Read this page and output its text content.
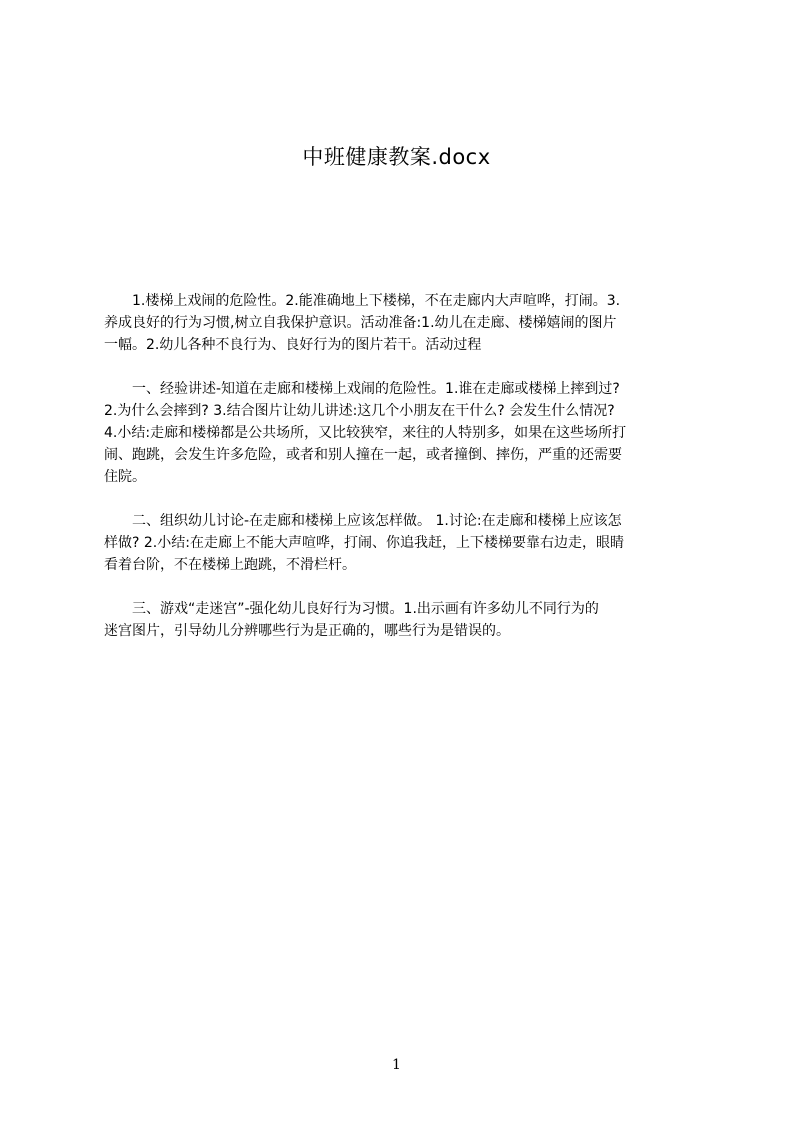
中班健康教案.docx
1.楼梯上戏闹的危险性。2.能准确地上下楼梯，不在走廊内大声喧哗，打闹。3.
养成良好的行为习惯,树立自我保护意识。活动准备:1.幼儿在走廊、楼梯嬉闹的图片
一幅。2.幼儿各种不良行为、良好行为的图片若干。活动过程
一、经验讲述-知道在走廊和楼梯上戏闹的危险性。1.谁在走廊或楼梯上摔到过?
2.为什么会摔到? 3.结合图片让幼儿讲述:这几个小朋友在干什么? 会发生什么情况?
4.小结:走廊和楼梯都是公共场所，又比较狭窄，来往的人特别多，如果在这些场所打
闹、跑跳，会发生许多危险，或者和别人撞在一起，或者撞倒、摔伤，严重的还需要
住院。
二、组织幼儿讨论-在走廊和楼梯上应该怎样做。 1.讨论:在走廊和楼梯上应该怎
样做? 2.小结:在走廊上不能大声喧哗，打闹、你追我赶，上下楼梯要靠右边走，眼睛
看着台阶，不在楼梯上跑跳，不滑栏杆。
三、游戏“走迷宫”-强化幼儿良好行为习惯。1.出示画有许多幼儿不同行为的
迷宫图片，引导幼儿分辨哪些行为是正确的，哪些行为是错误的。
1
